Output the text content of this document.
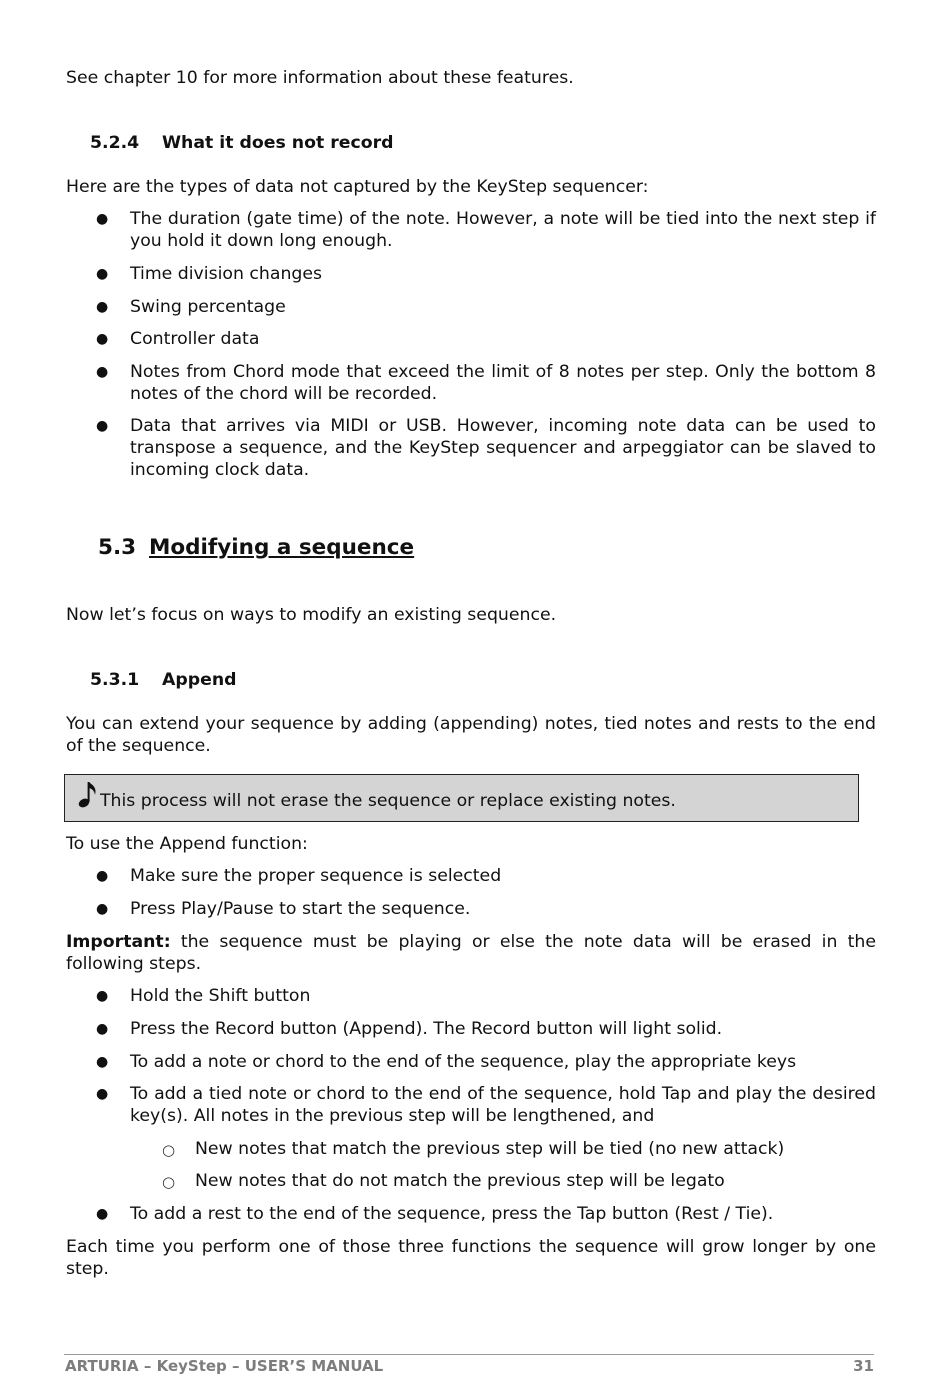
See chapter 10 for more information about these features.

5.2.4 What it does not record

Here are the types of data not captured by the KeyStep sequencer:

● The duration (gate time) of the note. However, a note will be tied into the next step if you hold it down long enough.
● Time division changes
● Swing percentage
● Controller data
● Notes from Chord mode that exceed the limit of 8 notes per step. Only the bottom 8 notes of the chord will be recorded.
● Data that arrives via MIDI or USB. However, incoming note data can be used to transpose a sequence, and the KeyStep sequencer and arpeggiator can be slaved to incoming clock data.
5.3 Modifying a sequence

Now let’s focus on ways to modify an existing sequence.

5.3.1 Append

You can extend your sequence by adding (appending) notes, tied notes and rests to the end of the sequence.

This process will not erase the sequence or replace existing notes.

To use the Append function:

● Make sure the proper sequence is selected
● Press Play/Pause to start the sequence.

Important: the sequence must be playing or else the note data will be erased in the following steps.

● Hold the Shift button
● Press the Record button (Append). The Record button will light solid.
● To add a note or chord to the end of the sequence, play the appropriate keys
● To add a tied note or chord to the end of the sequence, hold Tap and play the desired key(s). All notes in the previous step will be lengthened, and
○ New notes that match the previous step will be tied (no new attack)
○ New notes that do not match the previous step will be legato
● To add a rest to the end of the sequence, press the Tap button (Rest / Tie).

Each time you perform one of those three functions the sequence will grow longer by one step.

ARTURIA – KeyStep – USER’S MANUAL	31
